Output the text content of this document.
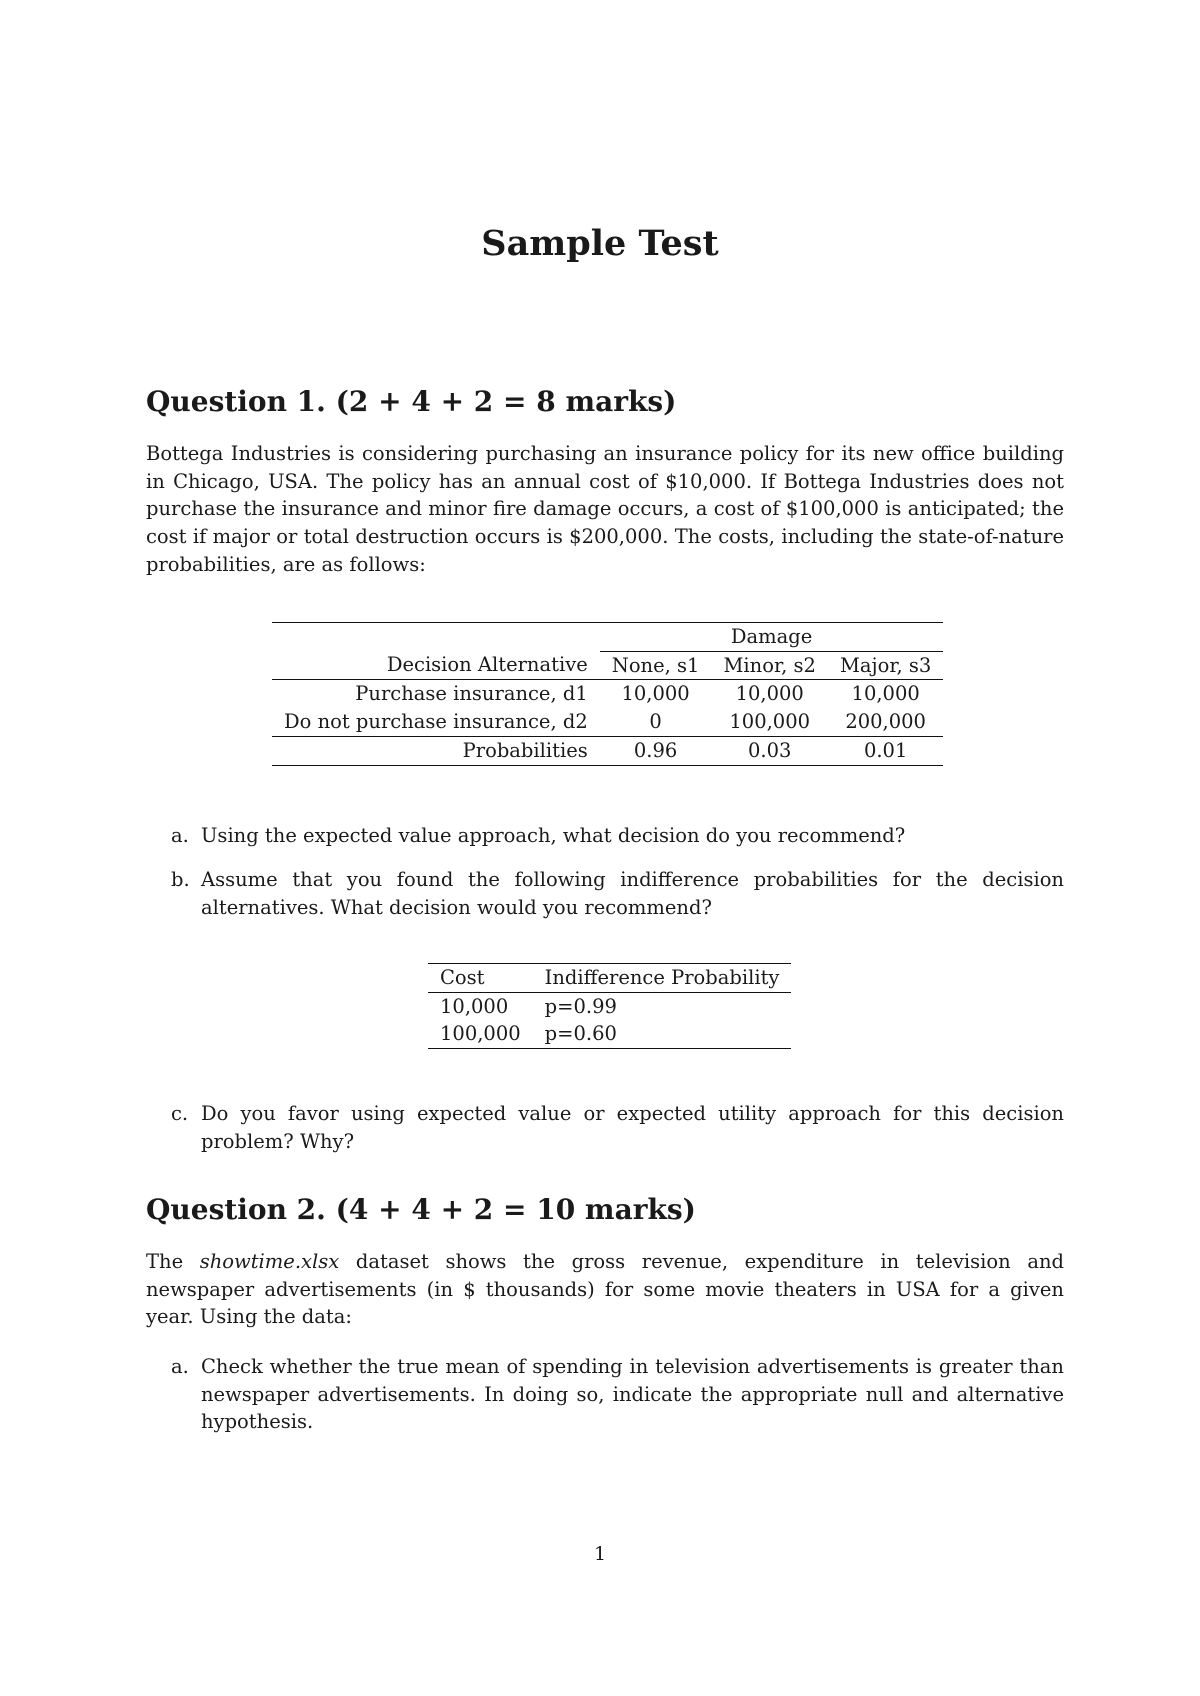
Sample Test
Question 1. (2 + 4 + 2 = 8 marks)
Bottega Industries is considering purchasing an insurance policy for its new office building in Chicago, USA. The policy has an annual cost of $10,000. If Bottega Industries does not purchase the insurance and minor fire damage occurs, a cost of $100,000 is anticipated; the cost if major or total destruction occurs is $200,000. The costs, including the state-of-nature probabilities, are as follows:
	Damage		
Decision Alternative	None, s1	Minor, s2	Major, s3
Purchase insurance, d1	10,000	10,000	10,000
Do not purchase insurance, d2	0	100,000	200,000
Probabilities	0.96	0.03	0.01
a. Using the expected value approach, what decision do you recommend?
b. Assume that you found the following indifference probabilities for the decision alternatives. What decision would you recommend?
Cost	Indifference Probability
10,000	p=0.99
100,000	p=0.60
c. Do you favor using expected value or expected utility approach for this decision problem? Why?
Question 2. (4 + 4 + 2 = 10 marks)
The showtime.xlsx dataset shows the gross revenue, expenditure in television and newspaper advertisements (in $ thousands) for some movie theaters in USA for a given year. Using the data:
a. Check whether the true mean of spending in television advertisements is greater than newspaper advertisements. In doing so, indicate the appropriate null and alternative hypothesis.
1
